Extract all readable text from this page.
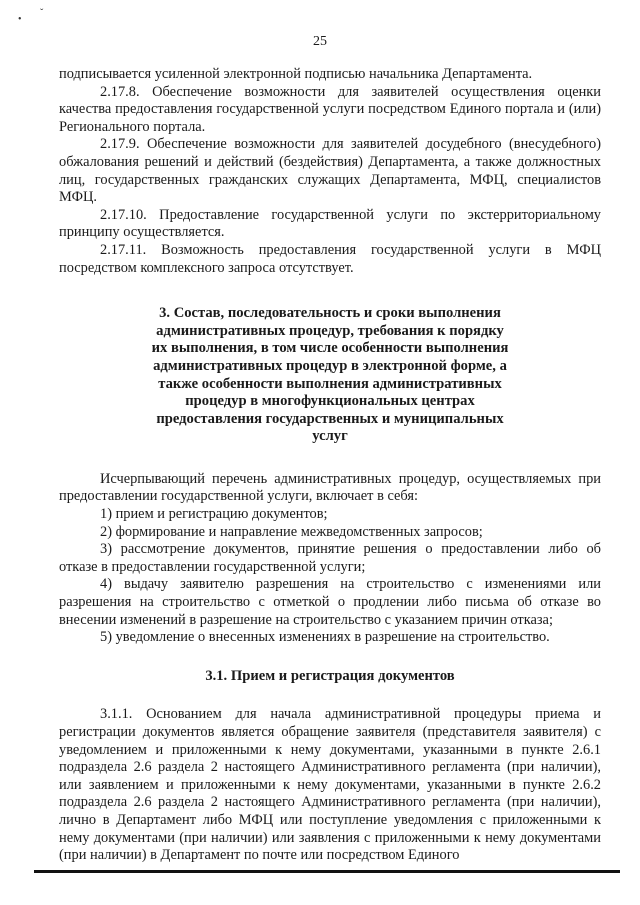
•
ˇ
25

подписывается усиленной электронной подписью начальника Департамента.

2.17.8. Обеспечение возможности для заявителей осуществления оценки качества предоставления государственной услуги посредством Единого портала и (или) Регионального портала.

2.17.9. Обеспечение возможности для заявителей досудебного (внесудебного) обжалования решений и действий (бездействия) Департамента, а также должностных лиц, государственных гражданских служащих Департамента, МФЦ, специалистов МФЦ.

2.17.10. Предоставление государственной услуги по экстерриториальному принципу осуществляется.

2.17.11. Возможность предоставления государственной услуги в МФЦ посредством комплексного запроса отсутствует.

3. Состав, последовательность и сроки выполнения административных процедур, требования к порядку их выполнения, в том числе особенности выполнения административных процедур в электронной форме, а также особенности выполнения административных процедур в многофункциональных центрах предоставления государственных и муниципальных услуг

Исчерпывающий перечень административных процедур, осуществляемых при предоставлении государственной услуги, включает в себя:

1) прием и регистрацию документов;

2) формирование и направление межведомственных запросов;

3) рассмотрение документов, принятие решения о предоставлении либо об отказе в предоставлении государственной услуги;

4) выдачу заявителю разрешения на строительство с изменениями или разрешения на строительство с отметкой о продлении либо письма об отказе во внесении изменений в разрешение на строительство с указанием причин отказа;

5) уведомление о внесенных изменениях в разрешение на строительство.

3.1. Прием и регистрация документов

3.1.1. Основанием для начала административной процедуры приема и регистрации документов является обращение заявителя (представителя заявителя) с уведомлением и приложенными к нему документами, указанными в пункте 2.6.1 подраздела 2.6 раздела 2 настоящего Административного регламента (при наличии), или заявлением и приложенными к нему документами, указанными в пункте 2.6.2 подраздела 2.6 раздела 2 настоящего Административного регламента (при наличии), лично в Департамент либо МФЦ или поступление уведомления с приложенными к нему документами (при наличии) или заявления с приложенными к нему документами (при наличии) в Департамент по почте или посредством Единого
